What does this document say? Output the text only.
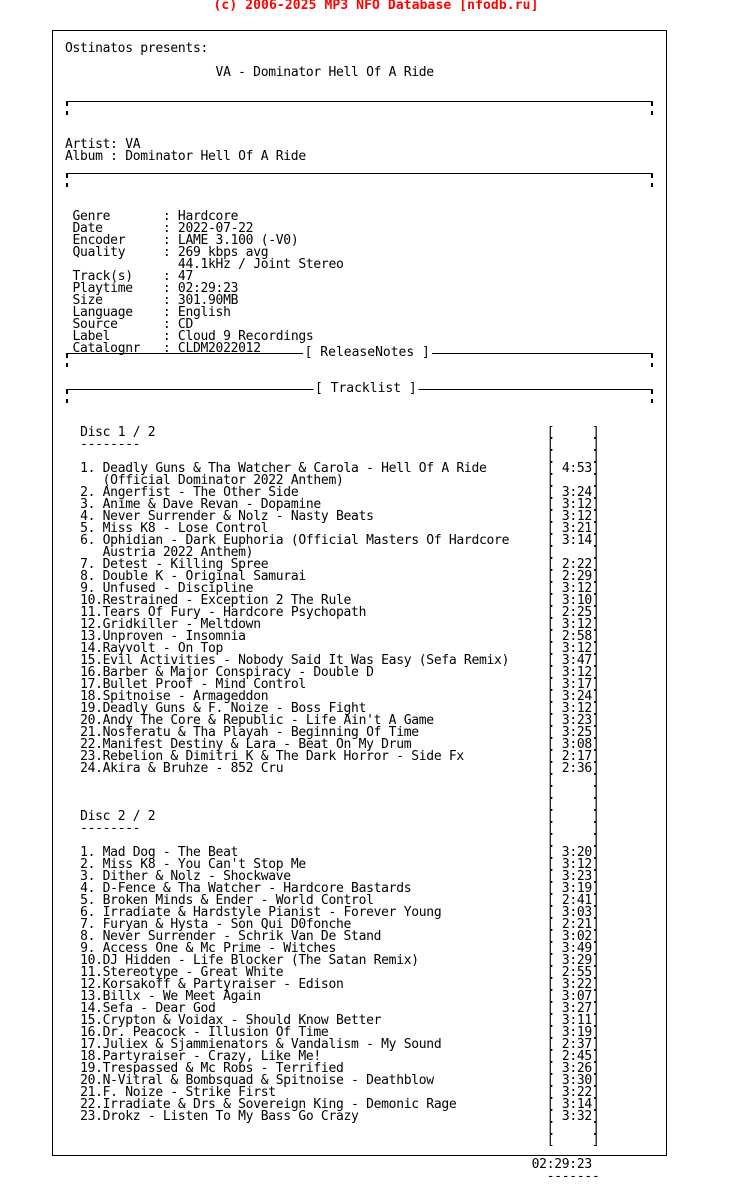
(c) 2006-2025 MP3 NFO Database [nfodb.ru]
[ ReleaseNotes ]
[ Tracklist ]
Ostinatos presents:

VA - Dominator Hell Of A Ride

Artist: VA
Album : Dominator Hell Of A Ride

Genre       : Hardcore
Date        : 2022-07-22
Encoder     : LAME 3.100 (-V0)
Quality     : 269 kbps avg
44.1kHz / Joint Stereo
Track(s)    : 47
Playtime    : 02:29:23
Size        : 301.90MB
Language    : English
Source      : CD
Label       : Cloud 9 Recordings
Catalognr   : CLDM2022012

Disc 1 / 2                                                    [     ]
--------                                                      [     ]
[     ]
1. Deadly Guns & Tha Watcher & Carola - Hell Of A Ride	[ 4:53]
(Official Dominator 2022 Anthem)	[     ]
2. Angerfist - The Other Side	[ 3:24]
3. Anime & Dave Revan - Dopamine	[ 3:12]
4. Never Surrender & Nolz - Nasty Beats	[ 3:12]
5. Miss K8 - Lose Control	[ 3:21]
6. Ophidian - Dark Euphoria (Official Masters Of Hardcore	[ 3:14]
Austria 2022 Anthem)	[     ]
7. Detest - Killing Spree	[ 2:22]
8. Double K - Original Samurai	[ 2:29]
9. Unfused - Discipline	[ 3:12]
10.Restrained - Exception 2 The Rule	[ 3:10]
11.Tears Of Fury - Hardcore Psychopath	[ 2:25]
12.Gridkiller - Meltdown	[ 3:12]
13.Unproven - Insomnia	[ 2:58]
14.Rayvolt - On Top	[ 3:12]
15.Evil Activities - Nobody Said It Was Easy (Sefa Remix)	[ 3:47]
16.Barber & Major Conspiracy - Double D	[ 3:12]
17.Bullet Proof - Mind Control	[ 3:17]
18.Spitnoise - Armageddon	[ 3:24]
19.Deadly Guns & F. Noize - Boss Fight	[ 3:12]
20.Andy The Core & Republic - Life Ain't A Game	[ 3:23]
21.Nosferatu & Tha Playah - Beginning Of Time	[ 3:25]
22.Manifest Destiny & Lara - Beat On My Drum	[ 3:08]
23.Rebelion & Dimitri K & The Dark Horror - Side Fx	[ 2:17]
24.Akira & Bruhze - 852 Cru	[ 2:36]
[     ]
[     ]
[     ]
Disc 2 / 2                                                    [     ]
--------                                                      [     ]
[     ]
1. Mad Dog - The Beat	[ 3:20]
2. Miss K8 - You Can't Stop Me	[ 3:12]
3. Dither & Nolz - Shockwave	[ 3:23]
4. D-Fence & Tha Watcher - Hardcore Bastards	[ 3:19]
5. Broken Minds & Ender - World Control	[ 2:41]
6. Irradiate & Hardstyle Pianist - Forever Young	[ 3:03]
7. Furyan & Hysta - Son Qui D0fonche	[ 2:21]
8. Never Surrender - Schrik Van De Stand	[ 3:02]
9. Access One & Mc Prime - Witches	[ 3:49]
10.DJ Hidden - Life Blocker (The Satan Remix)	[ 3:29]
11.Stereotype - Great White	[ 2:55]
12.Korsakoff & Partyraiser - Edison	[ 3:22]
13.Billx - We Meet Again	[ 3:07]
14.Sefa - Dear God	[ 3:27]
15.Crypton & Voidax - Should Know Better	[ 3:11]
16.Dr. Peacock - Illusion Of Time	[ 3:19]
17.Juliex & Sjammienators & Vandalism - My Sound	[ 2:37]
18.Partyraiser - Crazy, Like Me!	[ 2:45]
19.Trespassed & Mc Robs - Terrified	[ 3:26]
20.N-Vitral & Bombsquad & Spitnoise - Deathblow	[ 3:30]
21.F. Noize - Strike First	[ 3:22]
22.Irradiate & Drs & Sovereign King - Demonic Rage	[ 3:14]
23.Drokz - Listen To My Bass Go Crazy	[ 3:32]
[     ]
[     ]

02:29:23
-------
